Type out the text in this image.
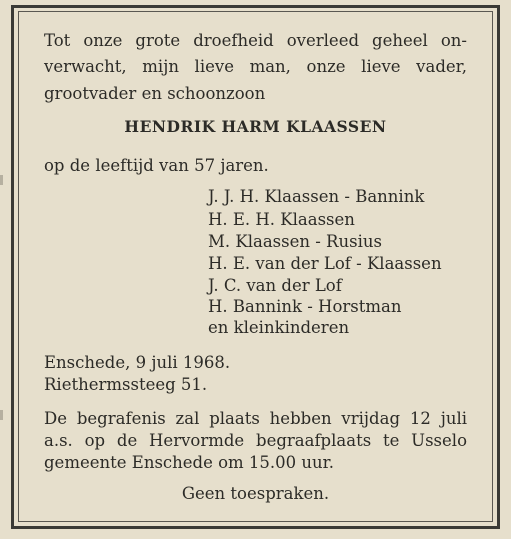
Tot onze grote droefheid overleed geheel on-
verwacht, mijn lieve man, onze lieve vader,
grootvader en schoonzoon
HENDRIK HARM KLAASSEN
op de leeftijd van 57 jaren.
J. J. H. Klaassen - Bannink
H. E. H. Klaassen
M. Klaassen - Rusius
H. E. van der Lof - Klaassen
J. C. van der Lof
H. Bannink - Horstman
en kleinkinderen
Enschede, 9 juli 1968.
Riethermssteeg 51.
De begrafenis zal plaats hebben vrijdag 12 juli
a.s. op de Hervormde begraafplaats te Usselo
gemeente Enschede om 15.00 uur.
Geen toespraken.
